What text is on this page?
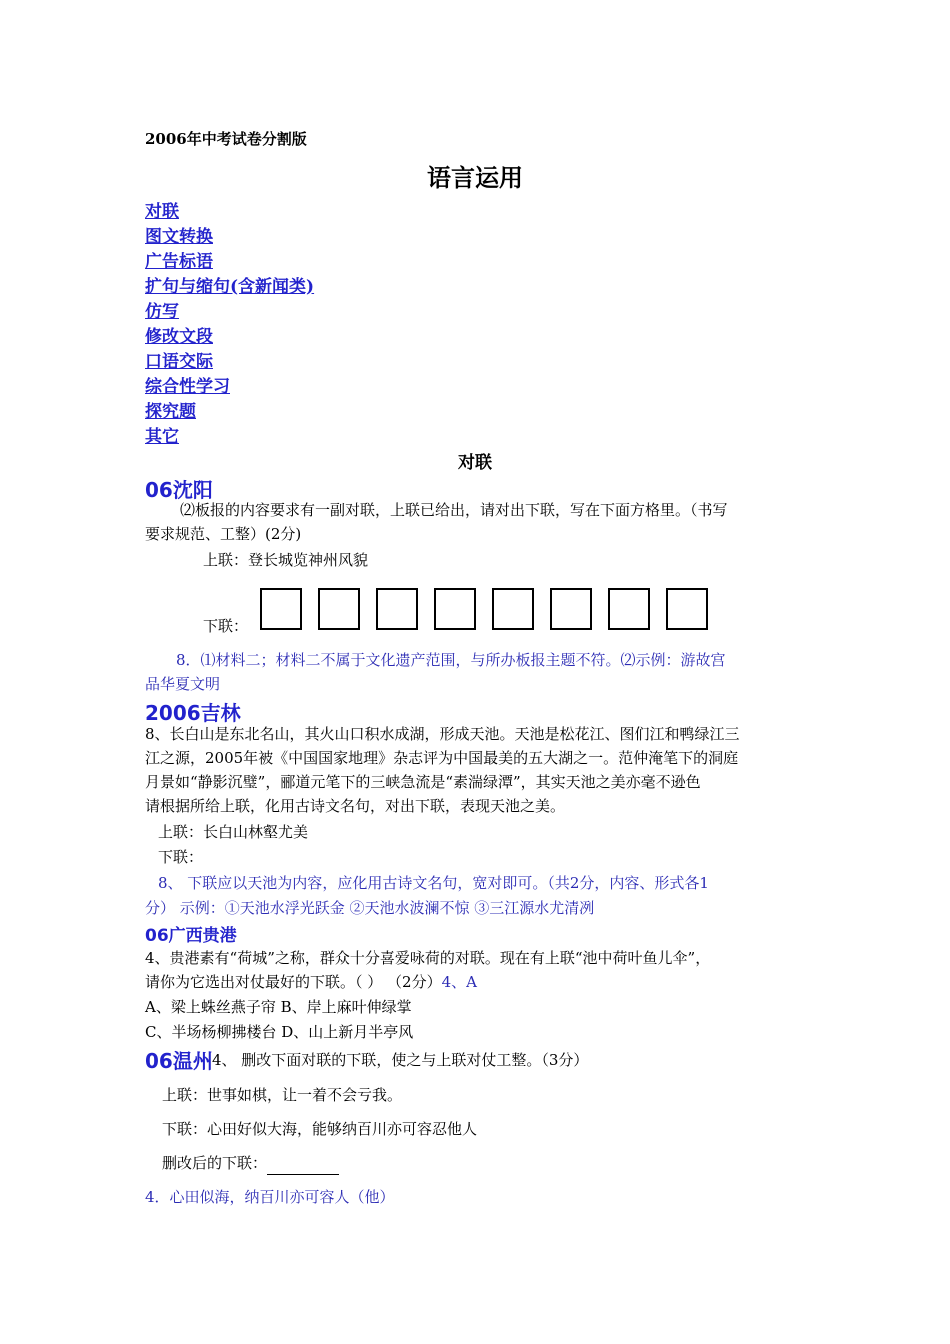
2006年中考试卷分割版
语言运用
对联
图文转换
广告标语
扩句与缩句(含新闻类)
仿写
修改文段
口语交际
综合性学习
探究题
其它
对联
06沈阳
⑵板报的内容要求有一副对联，上联已给出，请对出下联，写在下面方格里。（书写
要求规范、工整）(2分)
上联：登长城览神州风貌
下联：
8．⑴材料二；材料二不属于文化遗产范围，与所办板报主题不符。⑵示例：游故宫
品华夏文明
2006吉林
8、长白山是东北名山，其火山口积水成湖，形成天池。天池是松花江、图们江和鸭绿江三
江之源，2005年被《中国国家地理》杂志评为中国最美的五大湖之一。范仲淹笔下的洞庭
月景如“静影沉璧”，郦道元笔下的三峡急流是“素湍绿潭”，其实天池之美亦毫不逊色
请根据所给上联，化用古诗文名句，对出下联，表现天池之美。
上联：长白山林壑尤美
下联：
8、 下联应以天池为内容，应化用古诗文名句，宽对即可。（共2分，内容、形式各1
分） 示例：①天池水浮光跃金 ②天池水波澜不惊 ③三江源水尤清冽
06广西贵港
4、贵港素有“荷城”之称，群众十分喜爱咏荷的对联。现在有上联“池中荷叶鱼儿伞”，
请你为它选出对仗最好的下联。（ ） （2分）4、A
A、梁上蛛丝燕子帘 B、岸上麻叶伸绿掌
C、半场杨柳拂楼台 D、山上新月半亭风
06温州 4、 删改下面对联的下联，使之与上联对仗工整。（3分）
上联：世事如棋，让一着不会亏我。
下联：心田好似大海，能够纳百川亦可容忍他人
删改后的下联：
4．心田似海，纳百川亦可容人（他）
